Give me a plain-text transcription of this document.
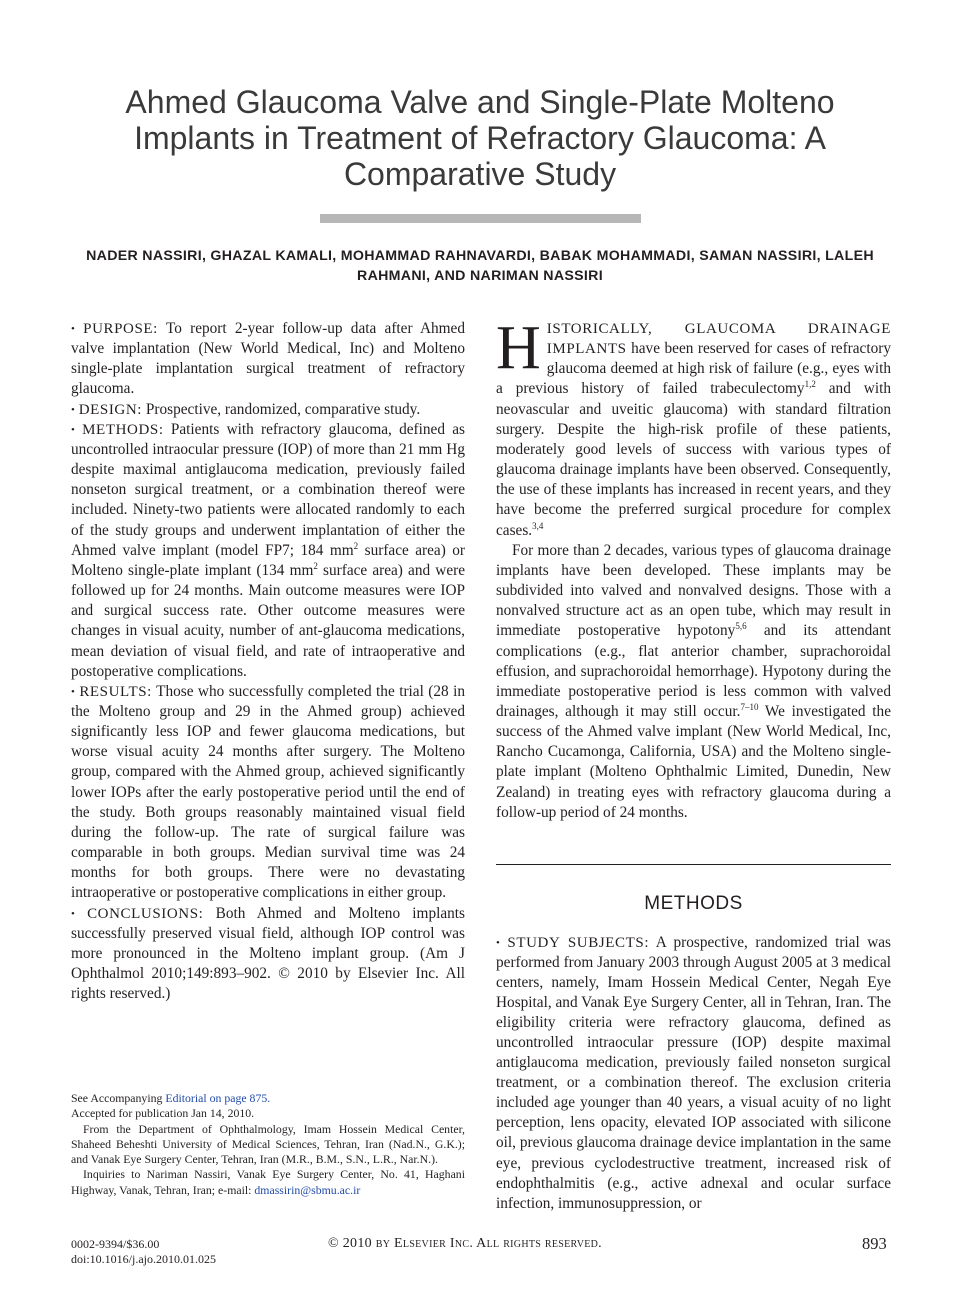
Ahmed Glaucoma Valve and Single-Plate Molteno Implants in Treatment of Refractory Glaucoma: A Comparative Study
NADER NASSIRI, GHAZAL KAMALI, MOHAMMAD RAHNAVARDI, BABAK MOHAMMADI, SAMAN NASSIRI, LALEH RAHMANI, AND NARIMAN NASSIRI

• PURPOSE: To report 2-year follow-up data after Ahmed valve implantation (New World Medical, Inc) and Molteno single-plate implantation surgical treatment of refractory glaucoma.

• DESIGN: Prospective, randomized, comparative study.

• METHODS: Patients with refractory glaucoma, defined as uncontrolled intraocular pressure (IOP) of more than 21 mm Hg despite maximal antiglaucoma medication, previously failed nonseton surgical treatment, or a combination thereof were included. Ninety-two patients were allocated randomly to each of the study groups and underwent implantation of either the Ahmed valve implant (model FP7; 184 $mm^2$ surface area) or Molteno single-plate implant (134 $mm^2$ surface area) and were followed up for 24 months. Main outcome measures were IOP and surgical success rate. Other outcome measures were changes in visual acuity, number of ant-glaucoma medications, mean deviation of visual field, and rate of intraoperative and postoperative complications.

• RESULTS: Those who successfully completed the trial (28 in the Molteno group and 29 in the Ahmed group) achieved significantly less IOP and fewer glaucoma medications, but worse visual acuity 24 months after surgery. The Molteno group, compared with the Ahmed group, achieved significantly lower IOPs after the early postoperative period until the end of the study. Both groups reasonably maintained visual field during the follow-up. The rate of surgical failure was comparable in both groups. Median survival time was 24 months for both groups. There were no devastating intraoperative or postoperative complications in either group.

• CONCLUSIONS: Both Ahmed and Molteno implants successfully preserved visual field, although IOP control was more pronounced in the Molteno implant group. (Am J Ophthalmol 2010;149:893–902. © 2010 by Elsevier Inc. All rights reserved.)

HISTORICALLY, GLAUCOMA DRAINAGE IMPLANTS have been reserved for cases of refractory glaucoma deemed at high risk of failure (e.g., eyes with a previous history of failed trabeculectomy$^{1,2}$ and with neovascular and uveitic glaucoma) with standard filtration surgery. Despite the high-risk profile of these patients, moderately good levels of success with various types of glaucoma drainage implants have been observed. Consequently, the use of these implants has increased in recent years, and they have become the preferred surgical procedure for complex cases.$^{3,4}$

For more than 2 decades, various types of glaucoma drainage implants have been developed. These implants may be subdivided into valved and nonvalved designs. Those with a nonvalved structure act as an open tube, which may result in immediate postoperative hypotony$^{5,6}$ and its attendant complications (e.g., flat anterior chamber, suprachoroidal effusion, and suprachoroidal hemorrhage). Hypotony during the immediate postoperative period is less common with valved drainages, although it may still occur.$^{7-10}$ We investigated the success of the Ahmed valve implant (New World Medical, Inc, Rancho Cucamonga, California, USA) and the Molteno single-plate implant (Molteno Ophthalmic Limited, Dunedin, New Zealand) in treating eyes with refractory glaucoma during a follow-up period of 24 months.

METHODS
• STUDY SUBJECTS: A prospective, randomized trial was performed from January 2003 through August 2005 at 3 medical centers, namely, Imam Hossein Medical Center, Negah Eye Hospital, and Vanak Eye Surgery Center, all in Tehran, Iran. The eligibility criteria were refractory glaucoma, defined as uncontrolled intraocular pressure (IOP) despite maximal antiglaucoma medication, previously failed nonseton surgical treatment, or a combination thereof. The exclusion criteria included age younger than 40 years, a visual acuity of no light perception, lens opacity, elevated IOP associated with silicone oil, previous glaucoma drainage device implantation in the same eye, previous cyclodestructive treatment, increased risk of endophthalmitis (e.g., active adnexal and ocular surface infection, immunosuppression, or

See Accompanying Editorial on page 875.

Accepted for publication Jan 14, 2010.

From the Department of Ophthalmology, Imam Hossein Medical Center, Shaheed Beheshti University of Medical Sciences, Tehran, Iran (Nad.N., G.K.); and Vanak Eye Surgery Center, Tehran, Iran (M.R., B.M., S.N., L.R., Nar.N.).

Inquiries to Nariman Nassiri, Vanak Eye Surgery Center, No. 41, Haghani Highway, Vanak, Tehran, Iran; e-mail: dmassirin@sbmu.ac.ir

0002-9394/$36.00
doi:10.1016/j.ajo.2010.01.025
© 2010 by Elsevier Inc. All rights reserved.	893
